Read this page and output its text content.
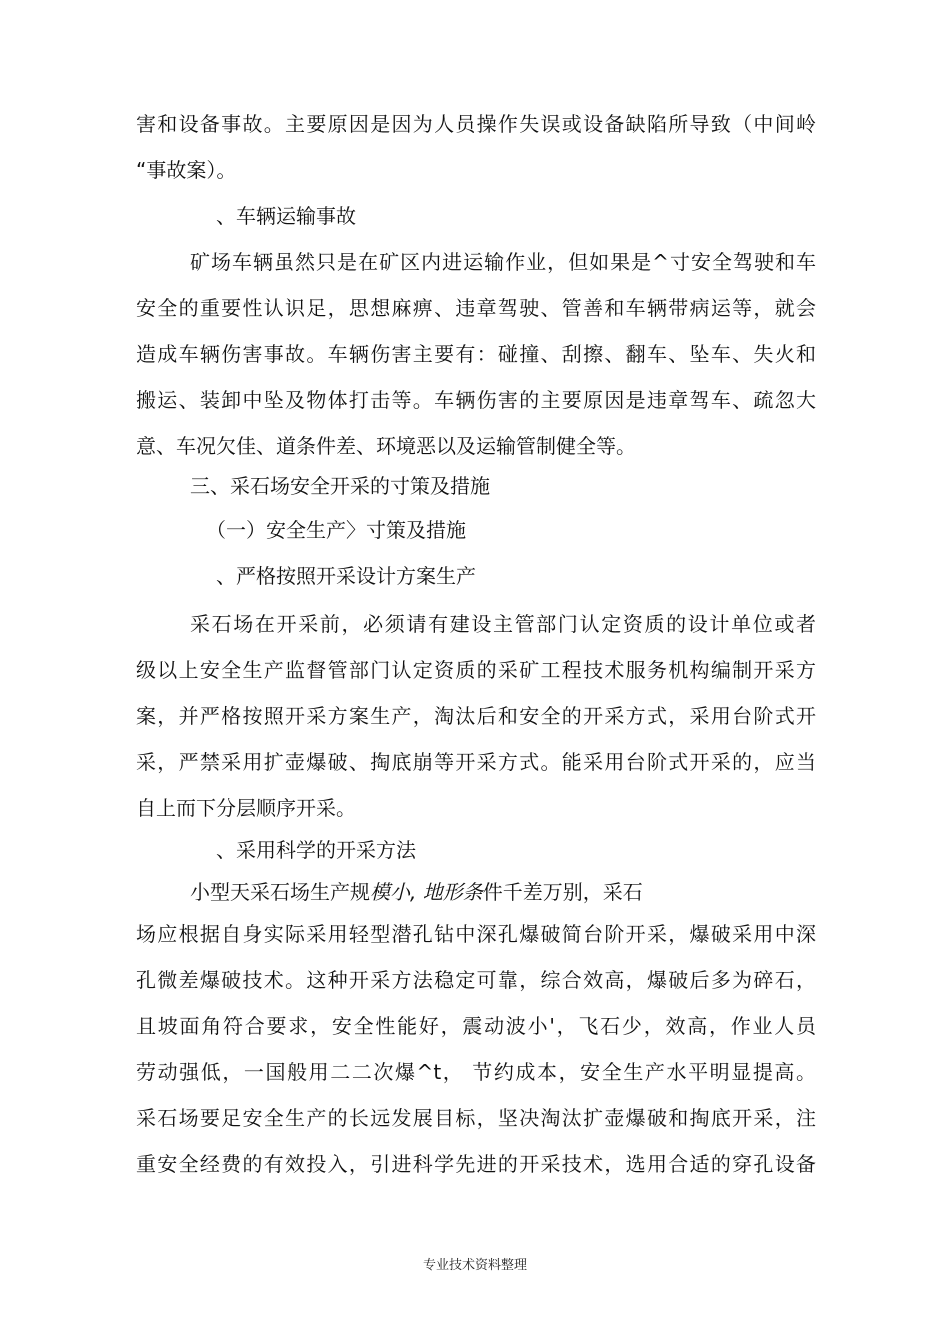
害和设备事故。主要原因是因为人员操作失误或设备缺陷所导致（中间岭
“事故案）。
、车辆运输事故
矿场车辆虽然只是在矿区内进运输作业，但如果是^寸安全驾驶和车
安全的重要性认识足，思想麻痹、违章驾驶、管善和车辆带病运等，就会
造成车辆伤害事故。车辆伤害主要有：碰撞、刮擦、翻车、坠车、失火和
搬运、装卸中坠及物体打击等。车辆伤害的主要原因是违章驾车、疏忽大
意、车况欠佳、道条件差、环境恶以及运输管制健全等。
三、采石场安全开采的寸策及措施
（一）安全生产〉寸策及措施
、严格按照开采设计方案生产
采石场在开采前，必须请有建设主管部门认定资质的设计单位或者
级以上安全生产监督管部门认定资质的采矿工程技术服务机构编制开采方
案，并严格按照开采方案生产，淘汰后和安全的开采方式，采用台阶式开
采，严禁采用扩壶爆破、掏底崩等开采方式。能采用台阶式开采的，应当
自上而下分层顺序开采。
、采用科学的开采方法
小型天采石场生产规模小, 地形条件千差万别，采石
场应根据自身实际采用轻型潜孔钻中深孔爆破简台阶开采，爆破采用中深
孔微差爆破技术。这种开采方法稳定可靠，综合效高，爆破后多为碎石，
且坡面角符合要求，安全性能好，震动波小'，飞石少，效高，作业人员
劳动强低，一国般用二二次爆^t， 节约成本，安全生产水平明显提高。
采石场要足安全生产的长远发展目标，坚决淘汰扩壶爆破和掏底开采，注
重安全经费的有效投入，引进科学先进的开采技术，选用合适的穿孔设备
专业技术资料整理
